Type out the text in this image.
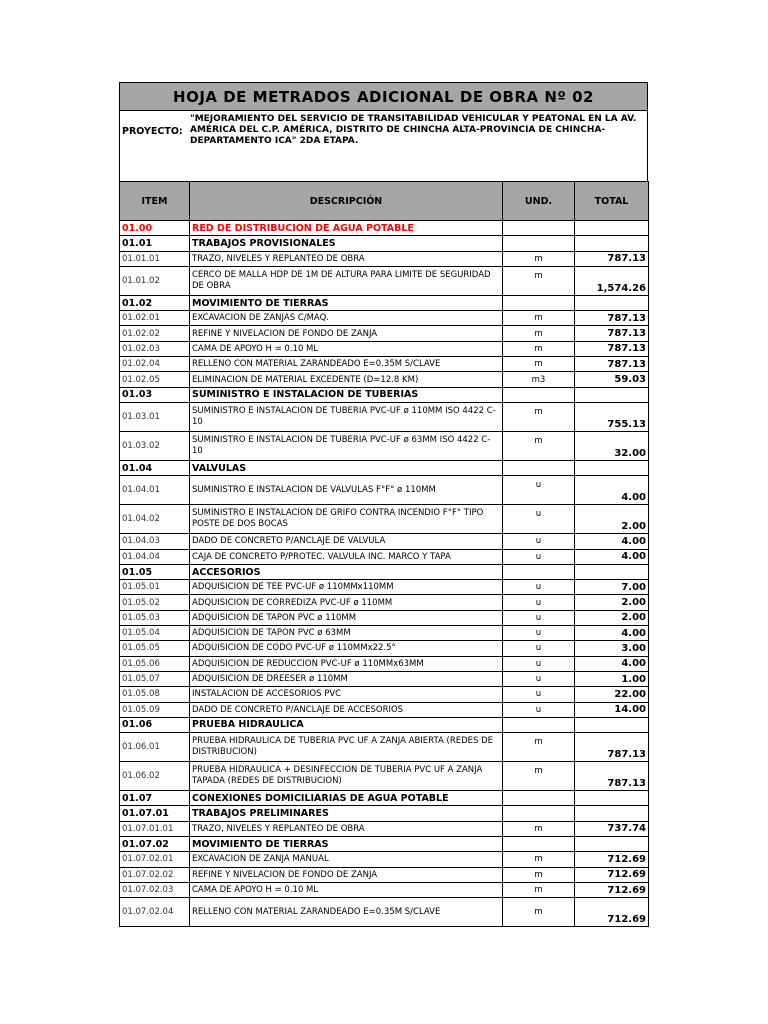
HOJA DE METRADOS ADICIONAL DE OBRA Nº 02
PROYECTO:
"MEJORAMIENTO DEL SERVICIO DE TRANSITABILIDAD VEHICULAR Y PEATONAL EN LA AV. AMÉRICA DEL C.P. AMÉRICA, DISTRITO DE CHINCHA ALTA-PROVINCIA DE CHINCHA-DEPARTAMENTO ICA" 2DA ETAPA.
ITEM	DESCRIPCIÓN	UND.	TOTAL
01.00	RED DE DISTRIBUCION DE AGUA POTABLE		
01.01	TRABAJOS PROVISIONALES		
01.01.01	TRAZO, NIVELES Y REPLANTEO DE OBRA	m	787.13
01.01.02	CERCO DE MALLA HDP DE 1M DE ALTURA PARA LIMITE DE SEGURIDAD DE OBRA	m	1,574.26
01.02	MOVIMIENTO DE TIERRAS		
01.02.01	EXCAVACION DE ZANJAS C/MAQ.	m	787.13
01.02.02	REFINE Y NIVELACION DE FONDO DE ZANJA	m	787.13
01.02.03	CAMA DE APOYO H = 0.10 ML	m	787.13
01.02.04	RELLENO CON MATERIAL ZARANDEADO E=0.35M S/CLAVE	m	787.13
01.02.05	ELIMINACION DE MATERIAL EXCEDENTE (D=12.8 KM)	m3	59.03
01.03	SUMINISTRO E INSTALACION DE TUBERIAS		
01.03.01	SUMINISTRO E INSTALACION DE TUBERIA PVC-UF ø 110MM ISO 4422 C-10	m	755.13
01.03.02	SUMINISTRO E INSTALACION DE TUBERIA PVC-UF ø 63MM ISO 4422 C-10	m	32.00
01.04	VALVULAS		
01.04.01	SUMINISTRO E INSTALACION DE VALVULAS F°F° ø 110MM	u	4.00
01.04.02	SUMINISTRO E INSTALACION DE GRIFO CONTRA INCENDIO F°F° TIPO POSTE DE DOS BOCAS	u	2.00
01.04.03	DADO DE CONCRETO P/ANCLAJE DE VALVULA	u	4.00
01.04.04	CAJA DE CONCRETO P/PROTEC. VALVULA INC. MARCO Y TAPA	u	4.00
01.05	ACCESORIOS		
01.05.01	ADQUISICION DE TEE PVC-UF ø 110MMx110MM	u	7.00
01.05.02	ADQUISICION DE CORREDIZA PVC-UF ø 110MM	u	2.00
01.05.03	ADQUISICION DE TAPON PVC ø 110MM	u	2.00
01.05.04	ADQUISICION DE TAPON PVC ø 63MM	u	4.00
01.05.05	ADQUISICION DE CODO PVC-UF ø 110MMx22.5°	u	3.00
01.05.06	ADQUISICION DE REDUCCION PVC-UF ø 110MMx63MM	u	4.00
01.05.07	ADQUISICION DE DREESER ø 110MM	u	1.00
01.05.08	INSTALACION DE ACCESORIOS PVC	u	22.00
01.05.09	DADO DE CONCRETO P/ANCLAJE DE ACCESORIOS	u	14.00
01.06	PRUEBA HIDRAULICA		
01.06.01	PRUEBA HIDRAULICA DE TUBERIA PVC UF A ZANJA ABIERTA (REDES DE DISTRIBUCION)	m	787.13
01.06.02	PRUEBA HIDRAULICA + DESINFECCION DE TUBERIA PVC UF A ZANJA TAPADA (REDES DE DISTRIBUCION)	m	787.13
01.07	CONEXIONES DOMICILIARIAS DE AGUA POTABLE		
01.07.01	TRABAJOS PRELIMINARES		
01.07.01.01	TRAZO, NIVELES Y REPLANTEO DE OBRA	m	737.74
01.07.02	MOVIMIENTO DE TIERRAS		
01.07.02.01	EXCAVACION DE ZANJA MANUAL	m	712.69
01.07.02.02	REFINE Y NIVELACION DE FONDO DE ZANJA	m	712.69
01.07.02.03	CAMA DE APOYO H = 0.10 ML	m	712.69
01.07.02.04	RELLENO CON MATERIAL ZARANDEADO E=0.35M S/CLAVE	m	712.69
